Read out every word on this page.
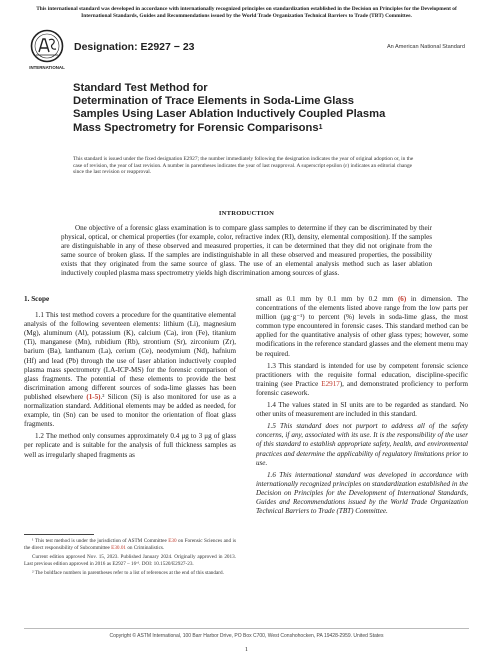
This international standard was developed in accordance with internationally recognized principles on standardization established in the Decision on Principles for the Development of International Standards, Guides and Recommendations issued by the World Trade Organization Technical Barriers to Trade (TBT) Committee.
INTERNATIONAL
Designation: E2927 − 23	An American National Standard
Standard Test Method for
Determination of Trace Elements in Soda-Lime Glass
Samples Using Laser Ablation Inductively Coupled Plasma
Mass Spectrometry for Forensic Comparisons$^1$
This standard is issued under the fixed designation E2927; the number immediately following the designation indicates the year of original adoption or, in the case of revision, the year of last revision. A number in parentheses indicates the year of last reapproval. A superscript epsilon (ε) indicates an editorial change since the last revision or reapproval.
INTRODUCTION
One objective of a forensic glass examination is to compare glass samples to determine if they can be discriminated by their physical, optical, or chemical properties (for example, color, refractive index (RI), density, elemental composition). If the samples are distinguishable in any of these observed and measured properties, it can be determined that they did not originate from the same source of broken glass. If the samples are indistinguishable in all these observed and measured properties, the possibility exists that they originated from the same source of glass. The use of an elemental analysis method such as laser ablation inductively coupled plasma mass spectrometry yields high discrimination among sources of glass.
1. Scope

1.1 This test method covers a procedure for the quantitative elemental analysis of the following seventeen elements: lithium (Li), magnesium (Mg), aluminum (Al), potassium (K), calcium (Ca), iron (Fe), titanium (Ti), manganese (Mn), rubidium (Rb), strontium (Sr), zirconium (Zr), barium (Ba), lanthanum (La), cerium (Ce), neodymium (Nd), hafnium (Hf) and lead (Pb) through the use of laser ablation inductively coupled plasma mass spectrometry (LA-ICP-MS) for the forensic comparison of glass fragments. The potential of these elements to provide the best discrimination among different sources of soda-lime glasses has been published elsewhere (1-5).² Silicon (Si) is also monitored for use as a normalization standard. Additional elements may be added as needed, for example, tin (Sn) can be used to monitor the orientation of float glass fragments.

1.2 The method only consumes approximately 0.4 μg to 3 μg of glass per replicate and is suitable for the analysis of full thickness samples as well as irregularly shaped fragments as

small as 0.1 mm by 0.1 mm by 0.2 mm (6) in dimension. The concentrations of the elements listed above range from the low parts per million (μg·g⁻¹) to percent (%) levels in soda-lime glass, the most common type encountered in forensic cases. This standard method can be applied for the quantitative analysis of other glass types; however, some modifications in the reference standard glasses and the element menu may be required.

1.3 This standard is intended for use by competent forensic science practitioners with the requisite formal education, discipline-specific training (see Practice E2917), and demonstrated proficiency to perform forensic casework.

1.4 The values stated in SI units are to be regarded as standard. No other units of measurement are included in this standard.

1.5 This standard does not purport to address all of the safety concerns, if any, associated with its use. It is the responsibility of the user of this standard to establish appropriate safety, health, and environmental practices and determine the applicability of regulatory limitations prior to use.

1.6 This international standard was developed in accordance with internationally recognized principles on standardization established in the Decision on Principles for the Development of International Standards, Guides and Recommendations issued by the World Trade Organization Technical Barriers to Trade (TBT) Committee.

¹ This test method is under the jurisdiction of ASTM Committee E30 on Forensic Sciences and is the direct responsibility of Subcommittee E30.01 on Criminalistics.

Current edition approved Nov. 15, 2023. Published January 2024. Originally approved in 2013. Last previous edition approved in 2016 as E2927 – 16ᵉ¹. DOI: 10.1520/E2927-23.

² The boldface numbers in parentheses refer to a list of references at the end of this standard.

Copyright © ASTM International, 100 Barr Harbor Drive, PO Box C700, West Conshohocken, PA 19428-2959. United States
1
